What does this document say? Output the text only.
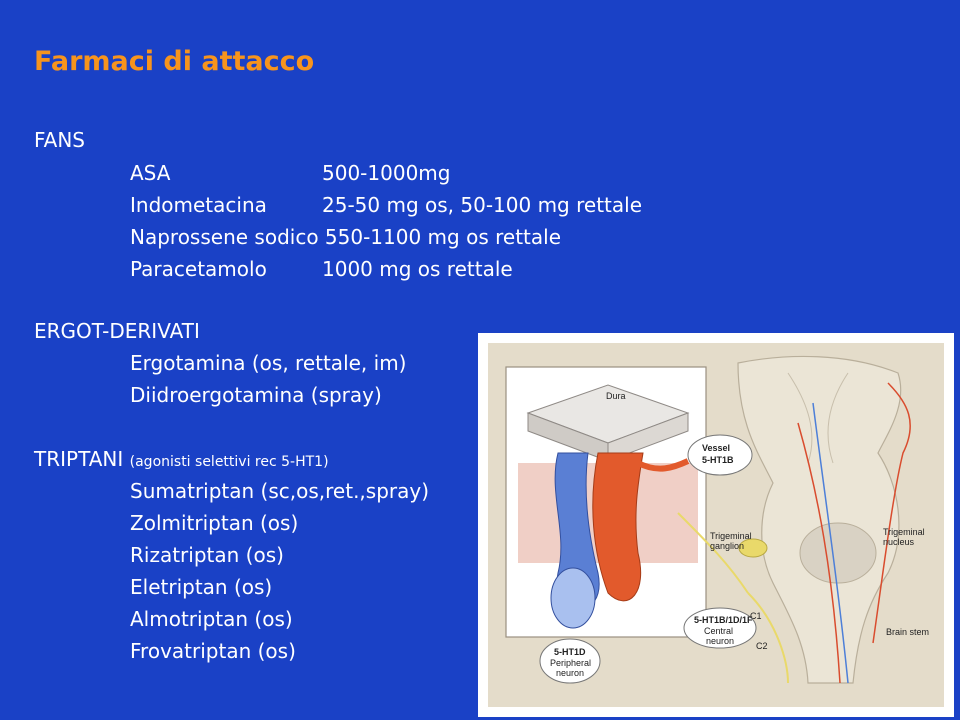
Farmaci di attacco
FANS
ASA	500-1000mg
Indometacina	25-50 mg os, 50-100 mg rettale
Naprossene sodico 550-1100 mg os rettale
Paracetamolo	1000 mg os rettale
ERGOT-DERIVATI
Ergotamina (os, rettale, im)
Diidroergotamina (spray)
TRIPTANI (agonisti selettivi rec 5-HT1)
Sumatriptan (sc,os,ret.,spray)
Zolmitriptan (os)
Rizatriptan (os)
Eletriptan (os)
Almotriptan (os)
Frovatriptan (os)
Dura
Vessel
5-HT1B
Trigeminal
ganglion
Trigeminal
nucleus
C1
C2
Brain stem
5-HT1B/1D/1F
Central
neuron
5-HT1D
Peripheral
neuron
